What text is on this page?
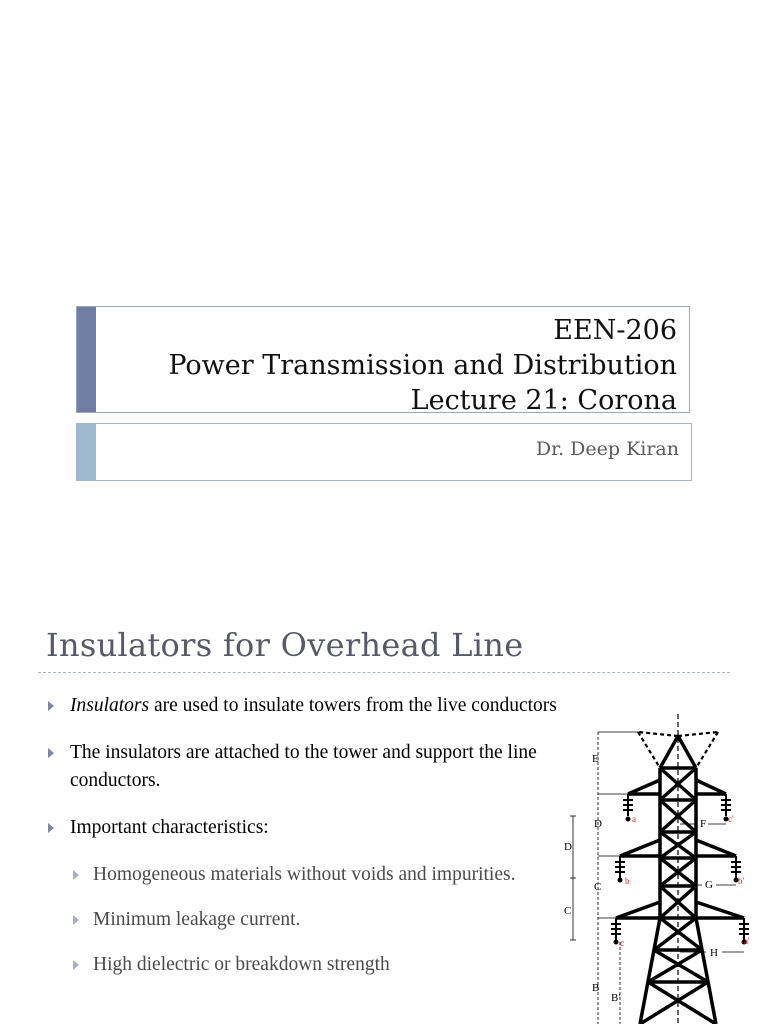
EEN-206
Power Transmission and Distribution
Lecture 21: Corona
Dr. Deep Kiran
Insulators for Overhead Line
Insulators are used to insulate towers from the live conductors
The insulators are attached to the tower and support the line conductors.
Important characteristics:
Homogeneous materials without voids and impurities.
Minimum leakage current.
High dielectric or breakdown strength
E
D
C
B
B'
D
C
F
G
H
a	c'
b	b'
c	a'
